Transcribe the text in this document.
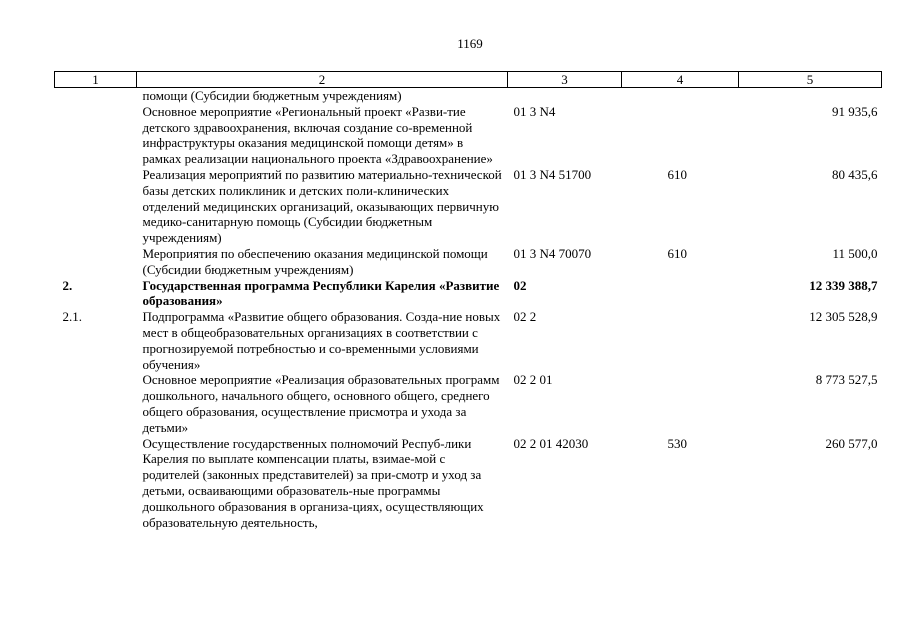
1169
1	2	3	4	5
	помощи (Субсидии бюджетным учреждениям)			
	Основное мероприятие «Региональный проект «Разви-тие детского здравоохранения, включая создание со-временной инфраструктуры оказания медицинской помощи детям» в рамках реализации национального проекта «Здравоохранение»	01 3 N4		91 935,6
	Реализация мероприятий по развитию материально-технической базы детских поликлиник и детских поли-клинических отделений медицинских организаций, оказывающих первичную медико-санитарную помощь (Субсидии бюджетным учреждениям)	01 3 N4 51700	610	80 435,6
	Мероприятия по обеспечению оказания медицинской помощи (Субсидии бюджетным учреждениям)	01 3 N4 70070	610	11 500,0
2.	Государственная программа Республики Карелия «Развитие образования»	02		12 339 388,7
2.1.	Подпрограмма «Развитие общего образования. Созда-ние новых мест в общеобразовательных организациях в соответствии с прогнозируемой потребностью и со-временными условиями обучения»	02 2		12 305 528,9
	Основное мероприятие «Реализация образовательных программ дошкольного, начального общего, основного общего, среднего общего образования, осуществление присмотра и ухода за детьми»	02 2 01		8 773 527,5
	Осуществление государственных полномочий Респуб-лики Карелия по выплате компенсации платы, взимае-мой с родителей (законных представителей) за при-смотр и уход за детьми, осваивающими образователь-ные программы дошкольного образования в организа-циях, осуществляющих образовательную деятельность,	02 2 01 42030	530	260 577,0
